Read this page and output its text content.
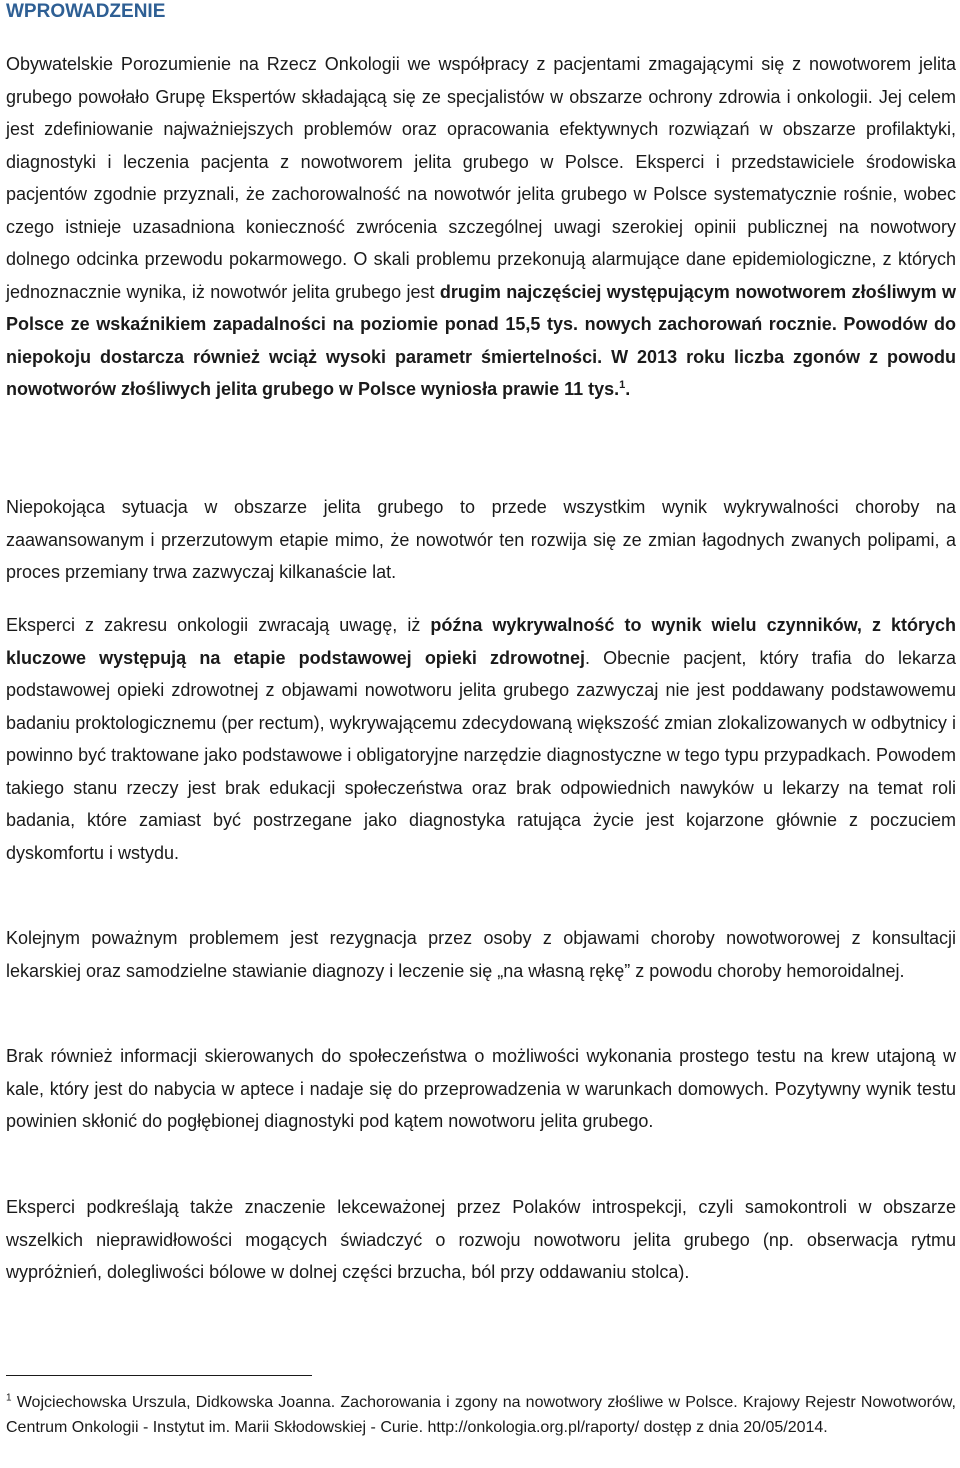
WPROWADZENIE

Obywatelskie Porozumienie na Rzecz Onkologii we współpracy z pacjentami zmagającymi się z nowotworem jelita grubego powołało Grupę Ekspertów składającą się ze specjalistów w obszarze ochrony zdrowia i onkologii. Jej celem jest zdefiniowanie najważniejszych problemów oraz opracowania efektywnych rozwiązań w obszarze profilaktyki, diagnostyki i leczenia pacjenta z nowotworem jelita grubego w Polsce. Eksperci i przedstawiciele środowiska pacjentów zgodnie przyznali, że zachorowalność na nowotwór jelita grubego w Polsce systematycznie rośnie, wobec czego istnieje uzasadniona konieczność zwrócenia szczególnej uwagi szerokiej opinii publicznej na nowotwory dolnego odcinka przewodu pokarmowego. O skali problemu przekonują alarmujące dane epidemiologiczne, z których jednoznacznie wynika, iż nowotwór jelita grubego jest drugim najczęściej występującym nowotworem złośliwym w Polsce ze wskaźnikiem zapadalności na poziomie ponad 15,5 tys. nowych zachorowań rocznie. Powodów do niepokoju dostarcza również wciąż wysoki parametr śmiertelności. W 2013 roku liczba zgonów z powodu nowotworów złośliwych jelita grubego w Polsce wyniosła prawie 11 tys.$^1$.

Niepokojąca sytuacja w obszarze jelita grubego to przede wszystkim wynik wykrywalności choroby na zaawansowanym i przerzutowym etapie mimo, że nowotwór ten rozwija się ze zmian łagodnych zwanych polipami, a proces przemiany trwa zazwyczaj kilkanaście lat.

Eksperci z zakresu onkologii zwracają uwagę, iż późna wykrywalność to wynik wielu czynników, z których kluczowe występują na etapie podstawowej opieki zdrowotnej. Obecnie pacjent, który trafia do lekarza podstawowej opieki zdrowotnej z objawami nowotworu jelita grubego zazwyczaj nie jest poddawany podstawowemu badaniu proktologicznemu (per rectum), wykrywającemu zdecydowaną większość zmian zlokalizowanych w odbytnicy i powinno być traktowane jako podstawowe i obligatoryjne narzędzie diagnostyczne w tego typu przypadkach. Powodem takiego stanu rzeczy jest brak edukacji społeczeństwa oraz brak odpowiednich nawyków u lekarzy na temat roli badania, które zamiast być postrzegane jako diagnostyka ratująca życie jest kojarzone głównie z poczuciem dyskomfortu i wstydu.

Kolejnym poważnym problemem jest rezygnacja przez osoby z objawami choroby nowotworowej z konsultacji lekarskiej oraz samodzielne stawianie diagnozy i leczenie się „na własną rękę” z powodu choroby hemoroidalnej.

Brak również informacji skierowanych do społeczeństwa o możliwości wykonania prostego testu na krew utajoną w kale, który jest do nabycia w aptece i nadaje się do przeprowadzenia w warunkach domowych. Pozytywny wynik testu powinien skłonić do pogłębionej diagnostyki pod kątem nowotworu jelita grubego.

Eksperci podkreślają także znaczenie lekceważonej przez Polaków introspekcji, czyli samokontroli w obszarze wszelkich nieprawidłowości mogących świadczyć o rozwoju nowotworu jelita grubego (np. obserwacja rytmu wypróżnień, dolegliwości bólowe w dolnej części brzucha, ból przy oddawaniu stolca).

$^1$ Wojciechowska Urszula, Didkowska Joanna. Zachorowania i zgony na nowotwory złośliwe w Polsce. Krajowy Rejestr Nowotworów, Centrum Onkologii - Instytut im. Marii Skłodowskiej - Curie. http://onkologia.org.pl/raporty/ dostęp z dnia 20/05/2014.
